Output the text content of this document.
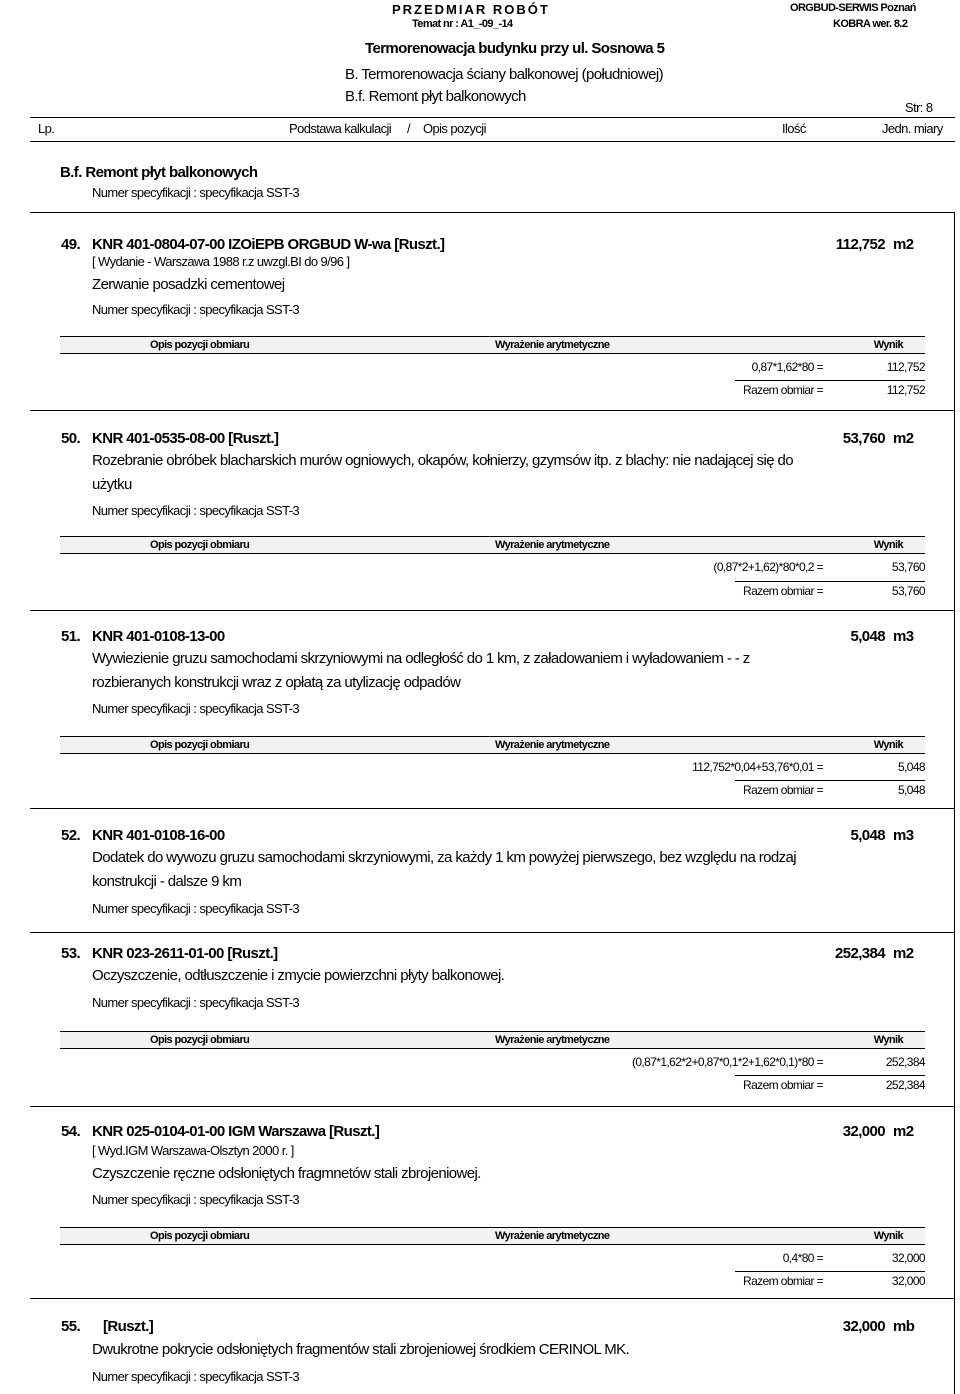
PRZEDMIAR ROBÓT
Temat nr : A1_-09_-14
ORGBUD-SERWIS Poznań
KOBRA wer. 8.2
Termorenowacja budynku przy ul. Sosnowa 5
B. Termorenowacja ściany balkonowej (południowej)
B.f. Remont płyt balkonowych
Str: 8
Lp.	Podstawa kalkulacji / Opis pozycji	Ilość	Jedn. miary
B.f. Remont płyt balkonowych
Numer specyfikacji : specyfikacja SST-3
49. KNR 401-0804-07-00 IZOiEPB ORGBUD W-wa [Ruszt.]	112,752 m2
[ Wydanie - Warszawa 1988 r.z uwzgl.BI do 9/96 ]
Zerwanie posadzki cementowej
Numer specyfikacji : specyfikacja SST-3
Opis pozycji obmiaru	Wyrażenie arytmetyczne	Wynik
0,87*1,62*80 =	112,752
Razem obmiar =	112,752
50. KNR 401-0535-08-00 [Ruszt.]	53,760 m2
Rozebranie obróbek blacharskich murów ogniowych, okapów, kołnierzy, gzymsów itp. z blachy: nie nadającej się do użytku
Numer specyfikacji : specyfikacja SST-3
Opis pozycji obmiaru	Wyrażenie arytmetyczne	Wynik
(0,87*2+1,62)*80*0,2 =	53,760
Razem obmiar =	53,760
51. KNR 401-0108-13-00	5,048 m3
Wywiezienie gruzu samochodami skrzyniowymi na odległość do 1 km, z załadowaniem i wyładowaniem - - z rozbieranych konstrukcji wraz z opłatą za utylizację odpadów
Numer specyfikacji : specyfikacja SST-3
Opis pozycji obmiaru	Wyrażenie arytmetyczne	Wynik
112,752*0,04+53,76*0,01 =	5,048
Razem obmiar =	5,048
52. KNR 401-0108-16-00	5,048 m3
Dodatek do wywozu gruzu samochodami skrzyniowymi, za każdy 1 km powyżej pierwszego, bez względu na rodzaj konstrukcji - dalsze 9 km
Numer specyfikacji : specyfikacja SST-3
53. KNR 023-2611-01-00 [Ruszt.]	252,384 m2
Oczyszczenie, odtłuszczenie i zmycie powierzchni płyty balkonowej.
Numer specyfikacji : specyfikacja SST-3
Opis pozycji obmiaru	Wyrażenie arytmetyczne	Wynik
(0,87*1,62*2+0,87*0,1*2+1,62*0,1)*80 =	252,384
Razem obmiar =	252,384
54. KNR 025-0104-01-00 IGM Warszawa [Ruszt.]	32,000 m2
[ Wyd.IGM Warszawa-Olsztyn 2000 r. ]
Czyszczenie ręczne odsłoniętych fragmnetów stali zbrojeniowej.
Numer specyfikacji : specyfikacja SST-3
Opis pozycji obmiaru	Wyrażenie arytmetyczne	Wynik
0,4*80 =	32,000
Razem obmiar =	32,000
55. [Ruszt.]	32,000 mb
Dwukrotne pokrycie odsłoniętych fragmentów stali zbrojeniowej środkiem CERINOL MK.
Numer specyfikacji : specyfikacja SST-3
